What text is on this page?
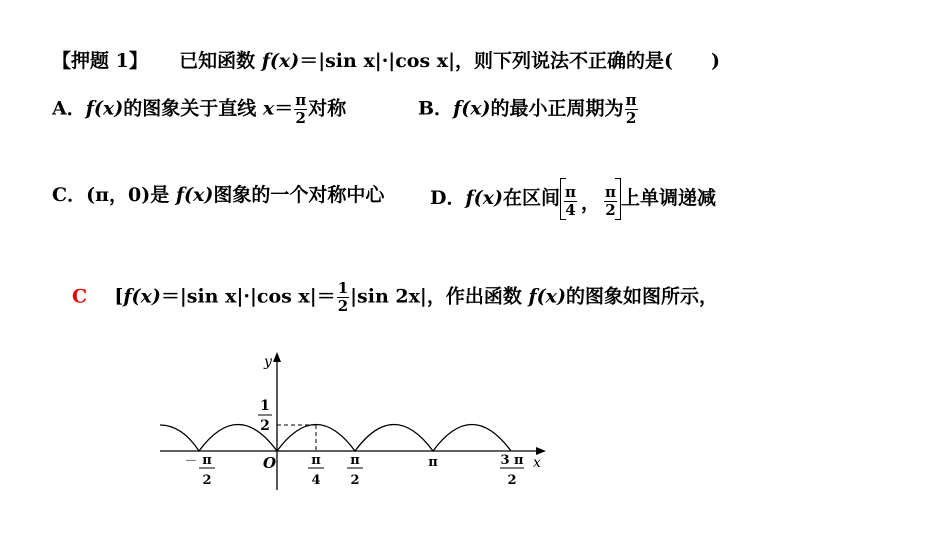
【押题 1】 已知函数 f(x)＝|sin x|·|cos x|，则下列说法不正确的是(　　)
A．f(x)的图象关于直线 $x= \frac{\pi}{2}$ 对称	B．f(x)的最小正周期为 $\frac{\pi}{2}$
C．(π，0)是 f(x)图象的一个对称中心 D．f(x)在区间 $\frac{\pi}{4}$ ， $\frac{\pi}{2}$ 上单调递减
C [f(x)＝|sin x|·|cos $x|= \frac{1}{2} |\sin$ 2x|，作出函数 f(x)的图象如图所示，
y
x
O
1
2
－ π
2
π
4
π
2
π	3 π
2
